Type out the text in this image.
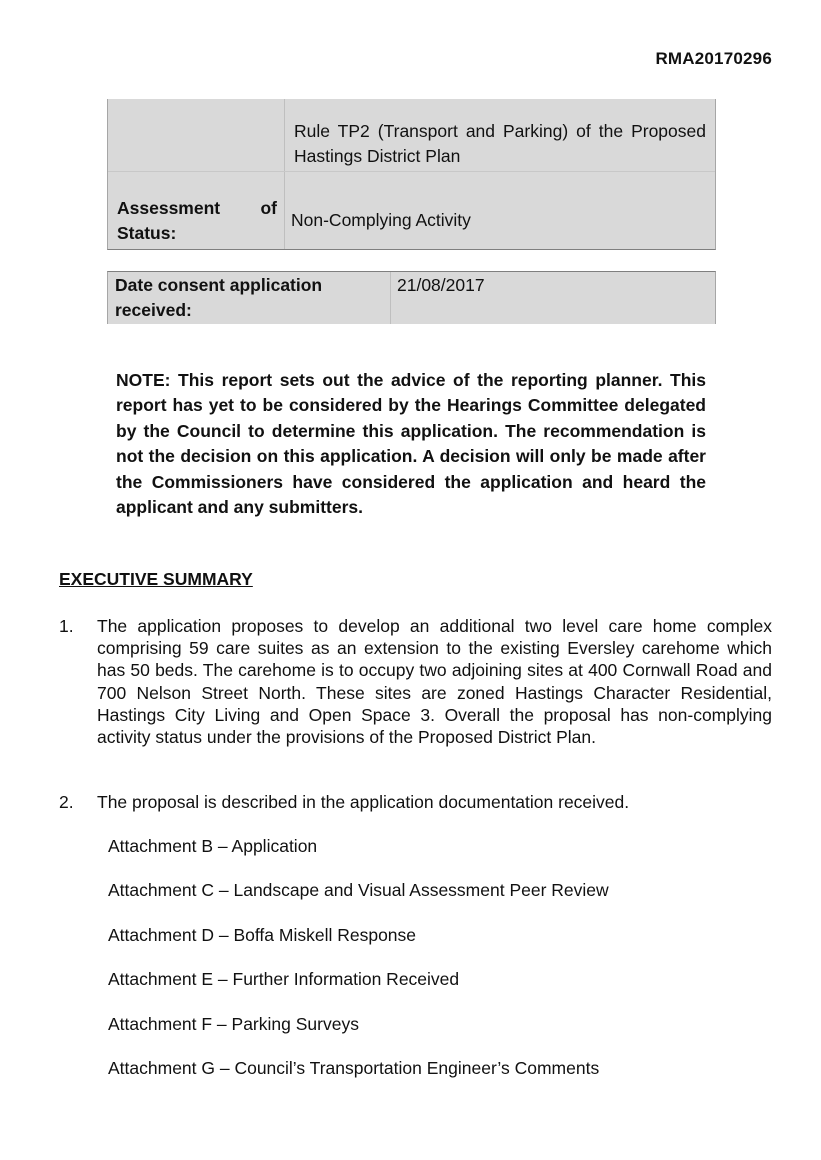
RMA20170296
Rule TP2 (Transport and Parking) of the Proposed Hastings District Plan
Assessment of Status:
Non-Complying Activity
Date consent application received:
21/08/2017
NOTE: This report sets out the advice of the reporting planner. This report has yet to be considered by the Hearings Committee delegated by the Council to determine this application. The recommendation is not the decision on this application. A decision will only be made after the Commissioners have considered the application and heard the applicant and any submitters.
EXECUTIVE SUMMARY
1. The application proposes to develop an additional two level care home complex comprising 59 care suites as an extension to the existing Eversley carehome which has 50 beds. The carehome is to occupy two adjoining sites at 400 Cornwall Road and 700 Nelson Street North. These sites are zoned Hastings Character Residential, Hastings City Living and Open Space 3. Overall the proposal has non-complying activity status under the provisions of the Proposed District Plan.
2. The proposal is described in the application documentation received.
Attachment B – Application
Attachment C – Landscape and Visual Assessment Peer Review
Attachment D – Boffa Miskell Response
Attachment E – Further Information Received
Attachment F – Parking Surveys
Attachment G – Council’s Transportation Engineer’s Comments
